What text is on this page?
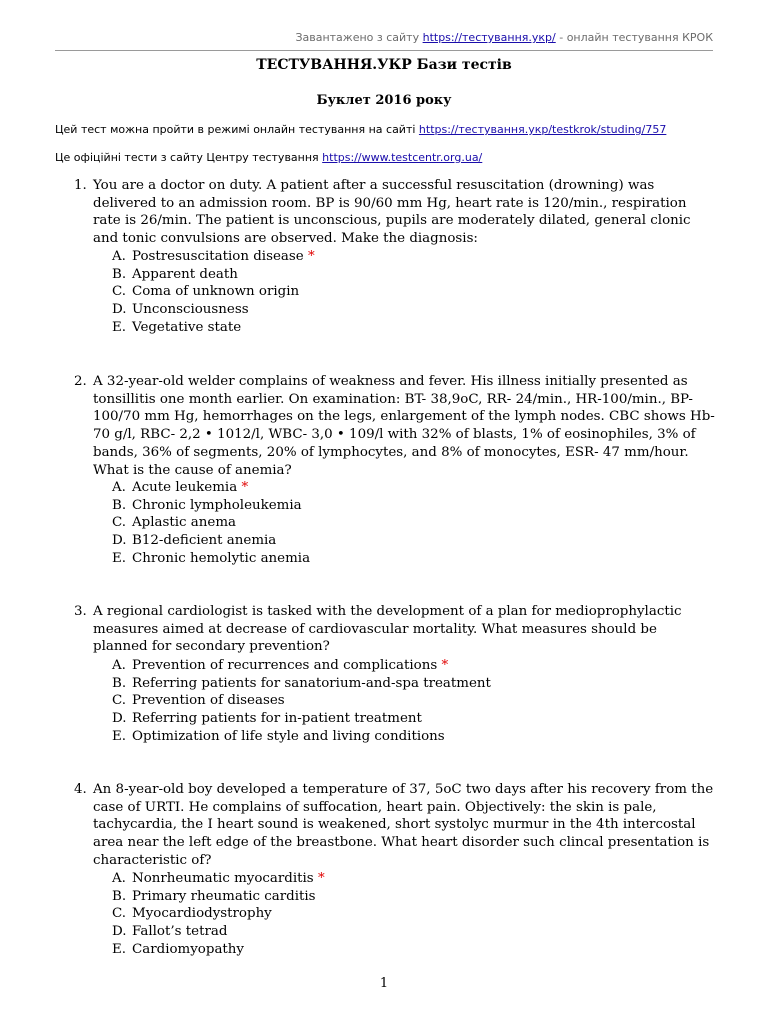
Завантажено з сайту https://тестування.укр/ - онлайн тестування КРОК
ТЕСТУВАННЯ.УКР Бази тестів
Буклет 2016 року
Цей тест можна пройти в режимі онлайн тестування на сайті https://тестування.укр/testkrok/studing/757
Це офіційні тести з сайту Центру тестування https://www.testcentr.org.ua/
1. You are a doctor on duty. A patient after a successful resuscitation (drowning) was delivered to an admission room. BP is 90/60 mm Hg, heart rate is 120/min., respiration rate is 26/min. The patient is unconscious, pupils are moderately dilated, general clonic and tonic convulsions are observed. Make the diagnosis:
A. Postresuscitation disease *
B. Apparent death
C. Coma of unknown origin
D. Unconsciousness
E. Vegetative state
2. A 32-year-old welder complains of weakness and fever. His illness initially presented as tonsillitis one month earlier. On examination: BT- 38,9oC, RR- 24/min., HR-100/min., BP- 100/70 mm Hg, hemorrhages on the legs, enlargement of the lymph nodes. CBC shows Hb- 70 g/l, RBC- 2,2 • 1012/l, WBC- 3,0 • 109/l with 32% of blasts, 1% of eosinophiles, 3% of bands, 36% of segments, 20% of lymphocytes, and 8% of monocytes, ESR- 47 mm/hour. What is the cause of anemia?
A. Acute leukemia *
B. Chronic lympholeukemia
C. Aplastic anema
D. B12-deficient anemia
E. Chronic hemolytic anemia
3. A regional cardiologist is tasked with the development of a plan for medioprophylactic measures aimed at decrease of cardiovascular mortality. What measures should be planned for secondary prevention?
A. Prevention of recurrences and complications *
B. Referring patients for sanatorium-and-spa treatment
C. Prevention of diseases
D. Referring patients for in-patient treatment
E. Optimization of life style and living conditions
4. An 8-year-old boy developed a temperature of 37, 5oC two days after his recovery from the case of URTI. He complains of suffocation, heart pain. Objectively: the skin is pale, tachycardia, the I heart sound is weakened, short systolyc murmur in the 4th intercostal area near the left edge of the breastbone. What heart disorder such clincal presentation is characteristic of?
A. Nonrheumatic myocarditis *
B. Primary rheumatic carditis
C. Myocardiodystrophy
D. Fallot’s tetrad
E. Cardiomyopathy
1
